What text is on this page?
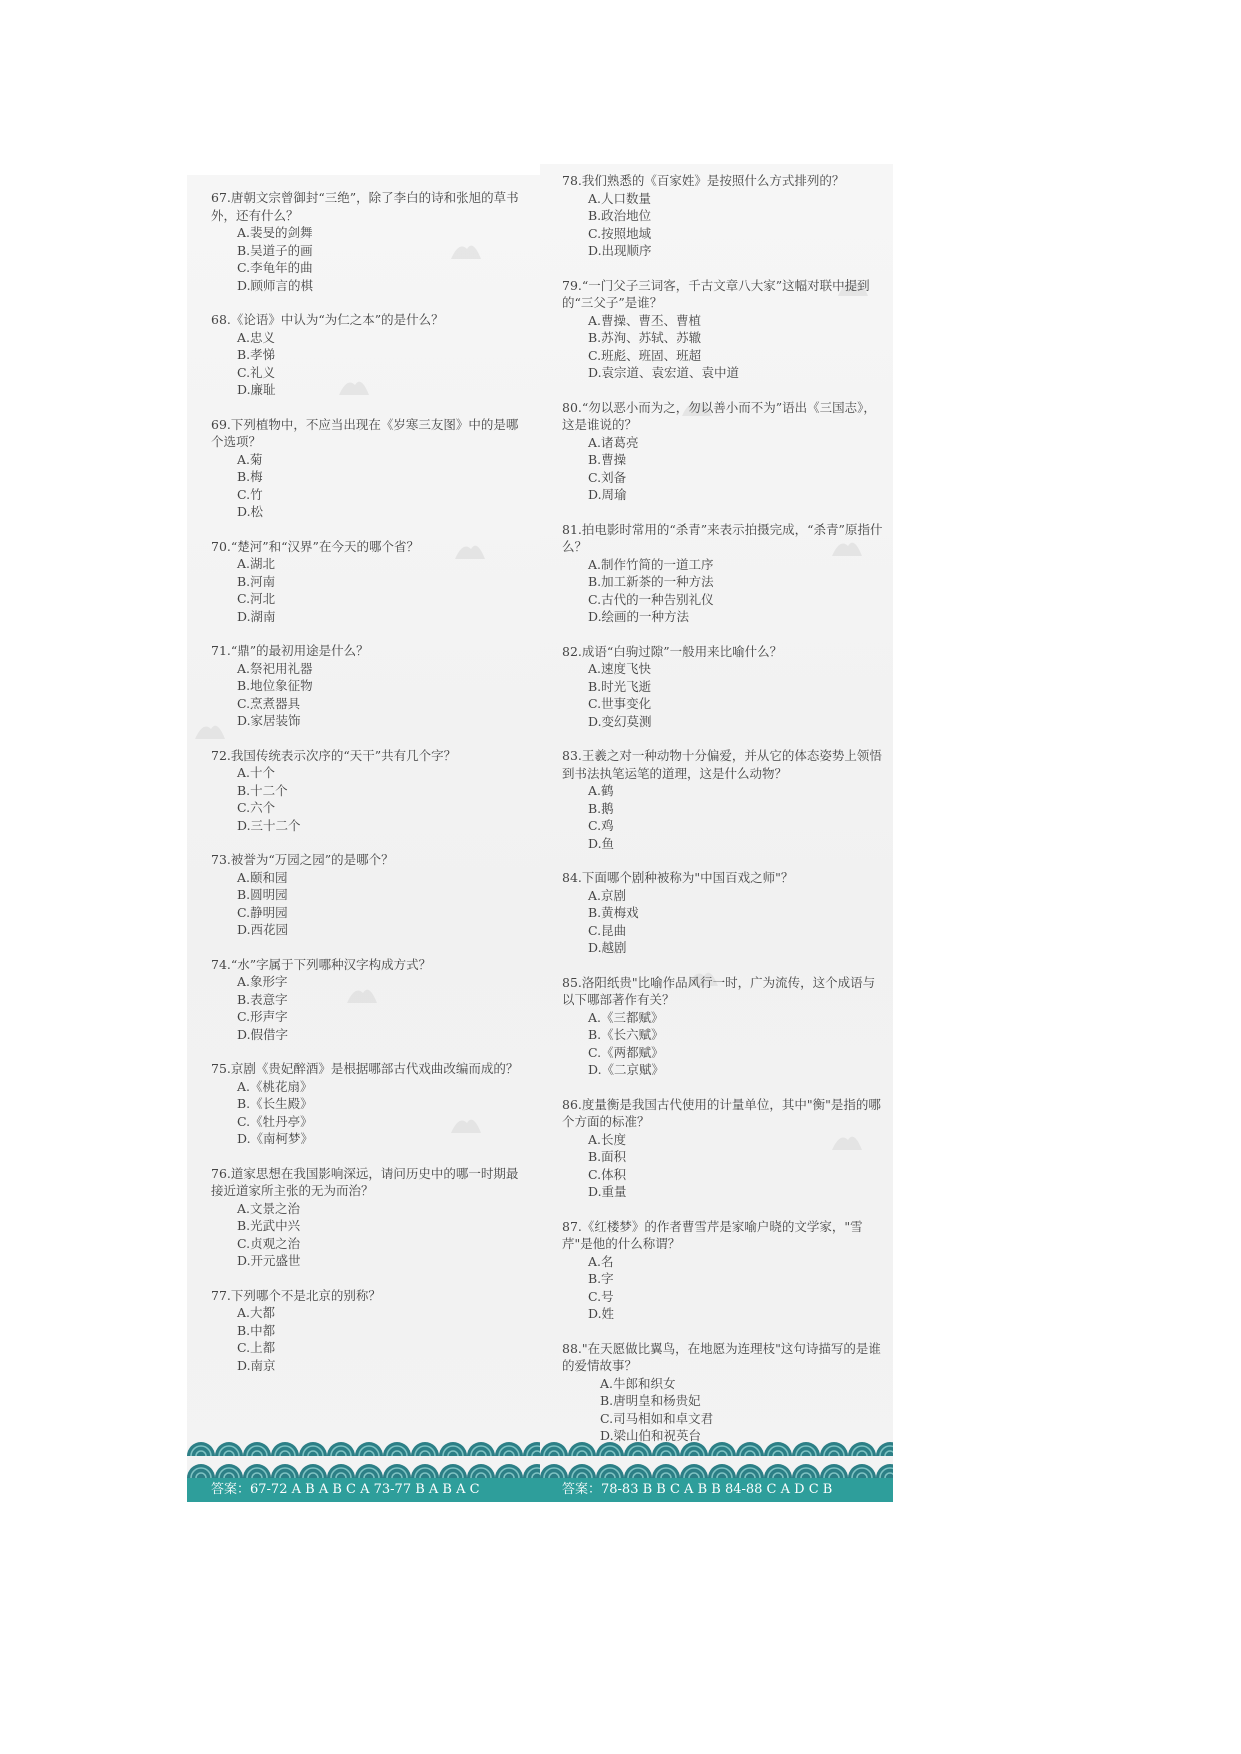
67.唐朝文宗曾御封“三绝”，除了李白的诗和张旭的草书外，还有什么？
A.裴旻的剑舞
B.吴道子的画
C.李龟年的曲
D.顾师言的棋
68.《论语》中认为“为仁之本”的是什么？
A.忠义
B.孝悌
C.礼义
D.廉耻
69.下列植物中，不应当出现在《岁寒三友图》中的是哪个选项？
A.菊
B.梅
C.竹
D.松
70.“楚河”和“汉界”在今天的哪个省？
A.湖北
B.河南
C.河北
D.湖南
71.“鼎”的最初用途是什么？
A.祭祀用礼器
B.地位象征物
C.烹煮器具
D.家居装饰
72.我国传统表示次序的“天干”共有几个字？
A.十个
B.十二个
C.六个
D.三十二个
73.被誉为“万园之园”的是哪个？
A.颐和园
B.圆明园
C.静明园
D.西花园
74.“水”字属于下列哪种汉字构成方式？
A.象形字
B.表意字
C.形声字
D.假借字
75.京剧《贵妃醉酒》是根据哪部古代戏曲改编而成的？
A.《桃花扇》
B.《长生殿》
C.《牡丹亭》
D.《南柯梦》
76.道家思想在我国影响深远，请问历史中的哪一时期最接近道家所主张的无为而治？
A.文景之治
B.光武中兴
C.贞观之治
D.开元盛世
77.下列哪个不是北京的别称？
A.大都
B.中都
C.上都
D.南京
答案：67-72 A B A B C A 73-77 B A B A C
78.我们熟悉的《百家姓》是按照什么方式排列的？
A.人口数量
B.政治地位
C.按照地域
D.出现顺序
79.“一门父子三词客，千古文章八大家”这幅对联中提到的“三父子”是谁？
A.曹操、曹丕、曹植
B.苏洵、苏轼、苏辙
C.班彪、班固、班超
D.袁宗道、袁宏道、袁中道
80.“勿以恶小而为之，勿以善小而不为”语出《三国志》，这是谁说的？
A.诸葛亮
B.曹操
C.刘备
D.周瑜
81.拍电影时常用的“杀青”来表示拍摄完成，“杀青”原指什么？
A.制作竹简的一道工序
B.加工新茶的一种方法
C.古代的一种告别礼仪
D.绘画的一种方法
82.成语“白驹过隙”一般用来比喻什么？
A.速度飞快
B.时光飞逝
C.世事变化
D.变幻莫测
83.王羲之对一种动物十分偏爱，并从它的体态姿势上领悟到书法执笔运笔的道理，这是什么动物？
A.鹤
B.鹅
C.鸡
D.鱼
84.下面哪个剧种被称为"中国百戏之师"？
A.京剧
B.黄梅戏
C.昆曲
D.越剧
85.洛阳纸贵"比喻作品风行一时，广为流传，这个成语与以下哪部著作有关？
A.《三都赋》
B.《长六赋》
C.《两都赋》
D.《二京赋》
86.度量衡是我国古代使用的计量单位，其中"衡"是指的哪个方面的标准？
A.长度
B.面积
C.体积
D.重量
87.《红楼梦》的作者曹雪芹是家喻户晓的文学家，"雪芹"是他的什么称谓？
A.名
B.字
C.号
D.姓
88."在天愿做比翼鸟，在地愿为连理枝"这句诗描写的是谁的爱情故事？
A.牛郎和织女
B.唐明皇和杨贵妃
C.司马相如和卓文君
答案：78-83 B B C A B B 84-88 C A D C B
